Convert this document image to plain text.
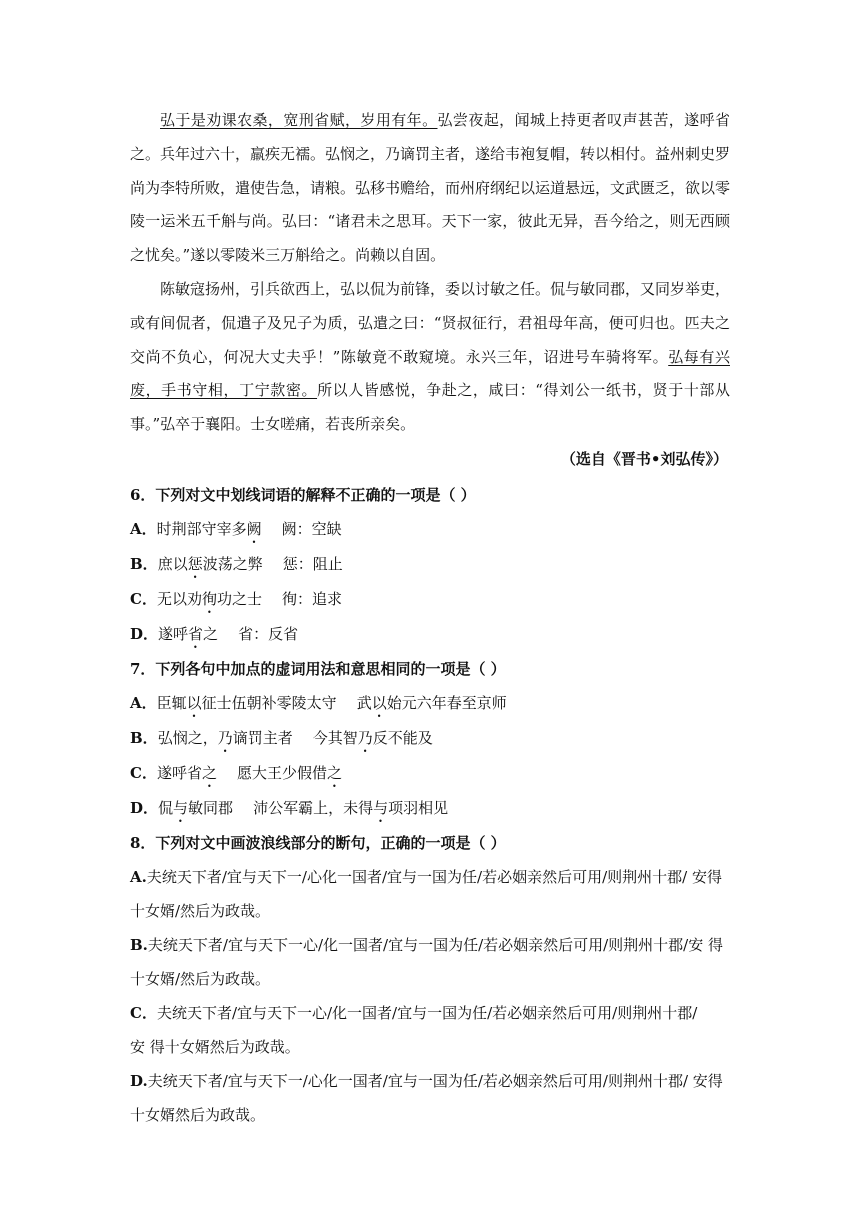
弘于是劝课农桑，宽刑省赋，岁用有年。弘尝夜起，闻城上持更者叹声甚苦，遂呼省之。兵年过六十，羸疾无襦。弘悯之，乃谪罚主者，遂给韦袍复帽，转以相付。益州刺史罗尚为李特所败，遣使告急，请粮。弘移书赡给，而州府纲纪以运道悬远，文武匮乏，欲以零陵一运米五千斛与尚。弘曰：“诸君未之思耳。天下一家，彼此无异，吾今给之，则无西顾之忧矣。”遂以零陵米三万斛给之。尚赖以自固。

陈敏寇扬州，引兵欲西上，弘以侃为前锋，委以讨敏之任。侃与敏同郡，又同岁举吏，或有间侃者，侃遣子及兄子为质，弘遣之曰：“贤叔征行，君祖母年高，便可归也。匹夫之交尚不负心，何况大丈夫乎！”陈敏竟不敢窥境。永兴三年，诏进号车骑将军。弘每有兴废，手书守相，丁宁款密。所以人皆感悦，争赴之，咸曰：“得刘公一纸书，贤于十部从事。”弘卒于襄阳。士女嗟痛，若丧所亲矣。

（选自《晋书•刘弘传》）
6．下列对文中划线词语的解释不正确的一项是（ ）
A．时荆部守宰多阙 阙：空缺
B．庶以惩波荡之弊 惩：阻止
C．无以劝徇功之士 徇：追求
D．遂呼省之 省：反省
7．下列各句中加点的虚词用法和意思相同的一项是（ ）
A．臣辄以征士伍朝补零陵太守 武以始元六年春至京师
B．弘悯之，乃谪罚主者 今其智乃反不能及
C．遂呼省之 愿大王少假借之
D．侃与敏同郡 沛公军霸上，未得与项羽相见
8．下列对文中画波浪线部分的断句，正确的一项是（ ）
A.夫统天下者/宜与天下一/心化一国者/宜与一国为任/若必姻亲然后可用/则荆州十郡/ 安得
十女婿/然后为政哉。
B.夫统天下者/宜与天下一心/化一国者/宜与一国为任/若必姻亲然后可用/则荆州十郡/安 得
十女婿/然后为政哉。
C．夫统天下者/宜与天下一心/化一国者/宜与一国为任/若必姻亲然后可用/则荆州十郡/
安 得十女婿然后为政哉。
D.夫统天下者/宜与天下一/心化一国者/宜与一国为任/若必姻亲然后可用/则荆州十郡/ 安得
十女婿然后为政哉。
